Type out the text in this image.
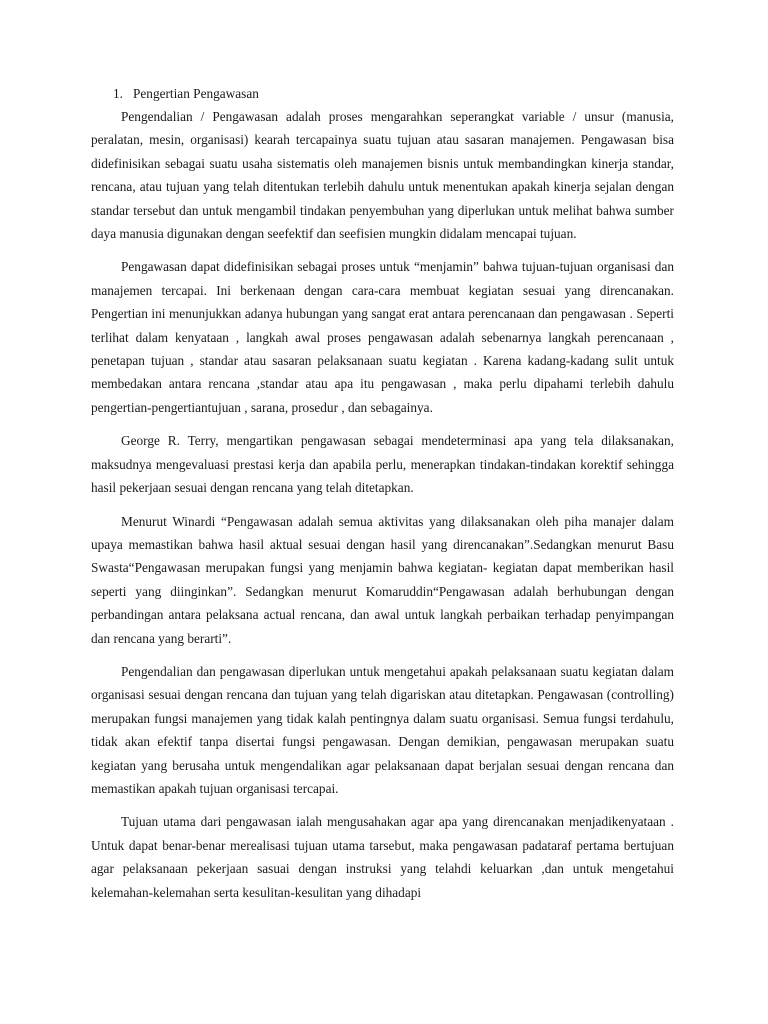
1. Pengertian Pengawasan

Pengendalian / Pengawasan adalah proses mengarahkan seperangkat variable / unsur (manusia, peralatan, mesin, organisasi) kearah tercapainya suatu tujuan atau sasaran manajemen. Pengawasan bisa didefinisikan sebagai suatu usaha sistematis oleh manajemen bisnis untuk membandingkan kinerja standar, rencana, atau tujuan yang telah ditentukan terlebih dahulu untuk menentukan apakah kinerja sejalan dengan standar tersebut dan untuk mengambil tindakan penyembuhan yang diperlukan untuk melihat bahwa sumber daya manusia digunakan dengan seefektif dan seefisien mungkin didalam mencapai tujuan.

Pengawasan dapat didefinisikan sebagai proses untuk “menjamin” bahwa tujuan-tujuan organisasi dan manajemen tercapai. Ini berkenaan dengan cara-cara membuat kegiatan sesuai yang direncanakan. Pengertian ini menunjukkan adanya hubungan yang sangat erat antara perencanaan dan pengawasan . Seperti terlihat dalam kenyataan , langkah awal proses pengawasan adalah sebenarnya langkah perencanaan , penetapan tujuan , standar atau sasaran pelaksanaan suatu kegiatan . Karena kadang-kadang sulit untuk membedakan antara rencana ,standar atau apa itu pengawasan , maka perlu dipahami terlebih dahulu pengertian-pengertiantujuan , sarana, prosedur , dan sebagainya.

George R. Terry, mengartikan pengawasan sebagai mendeterminasi apa yang tela dilaksanakan, maksudnya mengevaluasi prestasi kerja dan apabila perlu, menerapkan tindakan-tindakan korektif sehingga hasil pekerjaan sesuai dengan rencana yang telah ditetapkan.

Menurut Winardi “Pengawasan adalah semua aktivitas yang dilaksanakan oleh piha manajer dalam upaya memastikan bahwa hasil aktual sesuai dengan hasil yang direncanakan”.Sedangkan menurut Basu Swasta“Pengawasan merupakan fungsi yang menjamin bahwa kegiatan- kegiatan dapat memberikan hasil seperti yang diinginkan”. Sedangkan menurut Komaruddin“Pengawasan adalah berhubungan dengan perbandingan antara pelaksana actual rencana, dan awal untuk langkah perbaikan terhadap penyimpangan dan rencana yang berarti”.

Pengendalian dan pengawasan diperlukan untuk mengetahui apakah pelaksanaan suatu kegiatan dalam organisasi sesuai dengan rencana dan tujuan yang telah digariskan atau ditetapkan. Pengawasan (controlling) merupakan fungsi manajemen yang tidak kalah pentingnya dalam suatu organisasi. Semua fungsi terdahulu, tidak akan efektif tanpa disertai fungsi pengawasan. Dengan demikian, pengawasan merupakan suatu kegiatan yang berusaha untuk mengendalikan agar pelaksanaan dapat berjalan sesuai dengan rencana dan memastikan apakah tujuan organisasi tercapai.

Tujuan utama dari pengawasan ialah mengusahakan agar apa yang direncanakan menjadikenyataan . Untuk dapat benar-benar merealisasi tujuan utama tarsebut, maka pengawasan padataraf pertama bertujuan agar pelaksanaan pekerjaan sasuai dengan instruksi yang telahdi keluarkan ,dan untuk mengetahui kelemahan-kelemahan serta kesulitan-kesulitan yang dihadapi
